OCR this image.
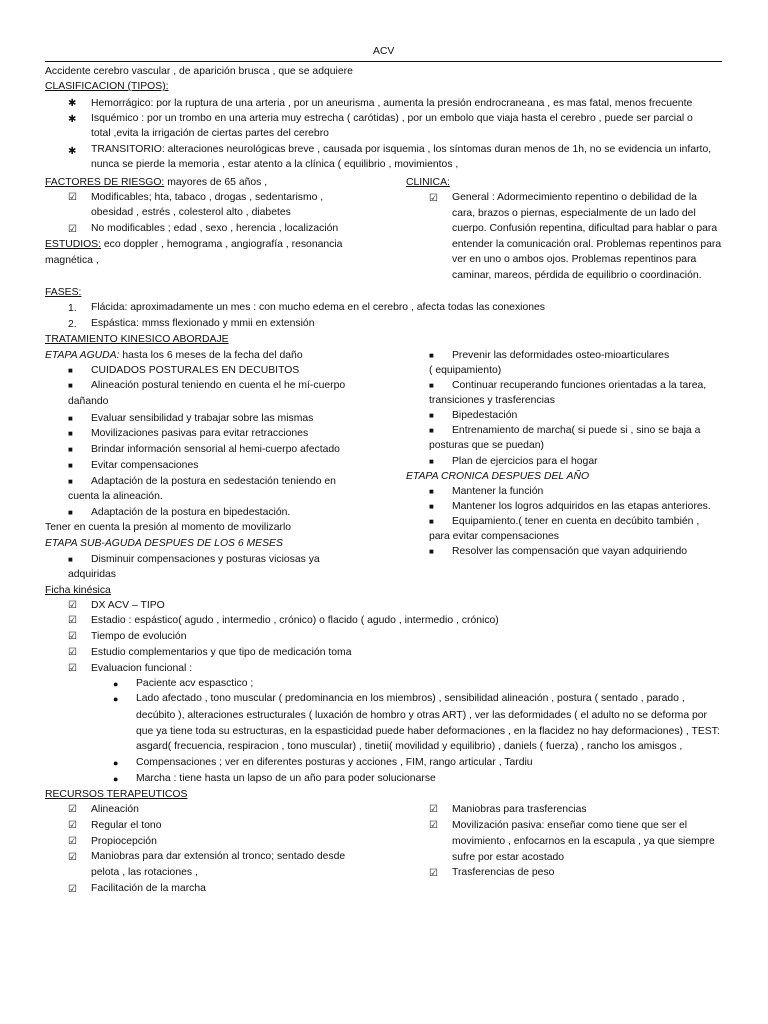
ACV
Accidente cerebro vascular , de aparición brusca , que se adquiere
CLASIFICACION (TIPOS):
✱ Hemorrágico: por la ruptura de una arteria , por un aneurisma , aumenta la presión endrocraneana , es mas fatal, menos frecuente
✱ Isquémico : por un trombo en una arteria muy estrecha ( carótidas) , por un embolo que viaja hasta el cerebro , puede ser parcial o
total ,evita la irrigación de ciertas partes del cerebro
✱ TRANSITORIO: alteraciones neurológicas breve , causada por isquemia , los síntomas duran menos de 1h, no se evidencia un infarto,
nunca se pierde la memoria , estar atento a la clínica ( equilibrio , movimientos ,
FACTORES DE RIESGO: mayores de 65 años ,
☑ Modificables; hta, tabaco , drogas , sedentarismo ,
obesidad , estrés , colesterol alto , diabetes
☑ No modificables ; edad , sexo , herencia , localización
ESTUDIOS: eco doppler , hemograma , angiografía , resonancia
magnética ,
CLINICA:
☑ General : Adormecimiento repentino o debilidad de la
cara, brazos o piernas, especialmente de un lado del
cuerpo. Confusión repentina, dificultad para hablar o para
entender la comunicación oral. Problemas repentinos para
ver en uno o ambos ojos. Problemas repentinos para
caminar, mareos, pérdida de equilibrio o coordinación.
FASES:
1. Flácida: aproximadamente un mes : con mucho edema en el cerebro , afecta todas las conexiones
2. Espástica: mmss flexionado y mmii en extensión
TRATAMIENTO KINESICO ABORDAJE
ETAPA AGUDA: hasta los 6 meses de la fecha del daño
■ CUIDADOS POSTURALES EN DECUBITOS
■ Alineación postural teniendo en cuenta el he mí-cuerpo
dañando
■ Evaluar sensibilidad y trabajar sobre las mismas
■ Movilizaciones pasivas para evitar retracciones
■ Brindar información sensorial al hemi-cuerpo afectado
■ Evitar compensaciones
■ Adaptación de la postura en sedestación teniendo en
cuenta la alineación.
■ Adaptación de la postura en bipedestación.
Tener en cuenta la presión al momento de movilizarlo
ETAPA SUB-AGUDA DESPUES DE LOS 6 MESES
■ Disminuir compensaciones y posturas viciosas ya
adquiridas
■ Prevenir las deformidades osteo-mioarticulares
( equipamiento)
■ Continuar recuperando funciones orientadas a la tarea,
transiciones y trasferencias
■ Bipedestación
■ Entrenamiento de marcha( si puede si , sino se baja a
posturas que se puedan)
■ Plan de ejercicios para el hogar
ETAPA CRONICA DESPUES DEL AÑO
■ Mantener la función
■ Mantener los logros adquiridos en las etapas anteriores.
■ Equipamiento.( tener en cuenta en decúbito también ,
para evitar compensaciones
■ Resolver las compensación que vayan adquiriendo
Ficha kinésica
☑ DX ACV – TIPO
☑ Estadio : espástico( agudo , intermedio , crónico) o flacido ( agudo , intermedio , crónico)
☑ Tiempo de evolución
☑ Estudio complementarios y que tipo de medicación toma
☑ Evaluacion funcional :
● Paciente acv espasctico ;
● Lado afectado , tono muscular ( predominancia en los miembros) , sensibilidad alineación , postura ( sentado , parado ,
decúbito ), alteraciones estructurales ( luxación de hombro y otras ART) , ver las deformidades ( el adulto no se deforma por
que ya tiene toda su estructuras, en la espasticidad puede haber deformaciones , en la flacidez no hay deformaciones) , TEST:
asgard( frecuencia, respiracion , tono muscular) , tinetii( movilidad y equilibrio) , daniels ( fuerza) , rancho los amisgos ,
● Compensaciones ; ver en diferentes posturas y acciones , FIM, rango articular , Tardiu
● Marcha : tiene hasta un lapso de un año para poder solucionarse
RECURSOS TERAPEUTICOS
☑ Alineación
☑ Regular el tono
☑ Propiocepción
☑ Maniobras para dar extensión al tronco; sentado desde
pelota , las rotaciones ,
☑ Facilitación de la marcha
☑ Maniobras para trasferencias
☑ Movilización pasiva: enseñar como tiene que ser el
movimiento , enfocarnos en la escapula , ya que siempre
sufre por estar acostado
☑ Trasferencias de peso
